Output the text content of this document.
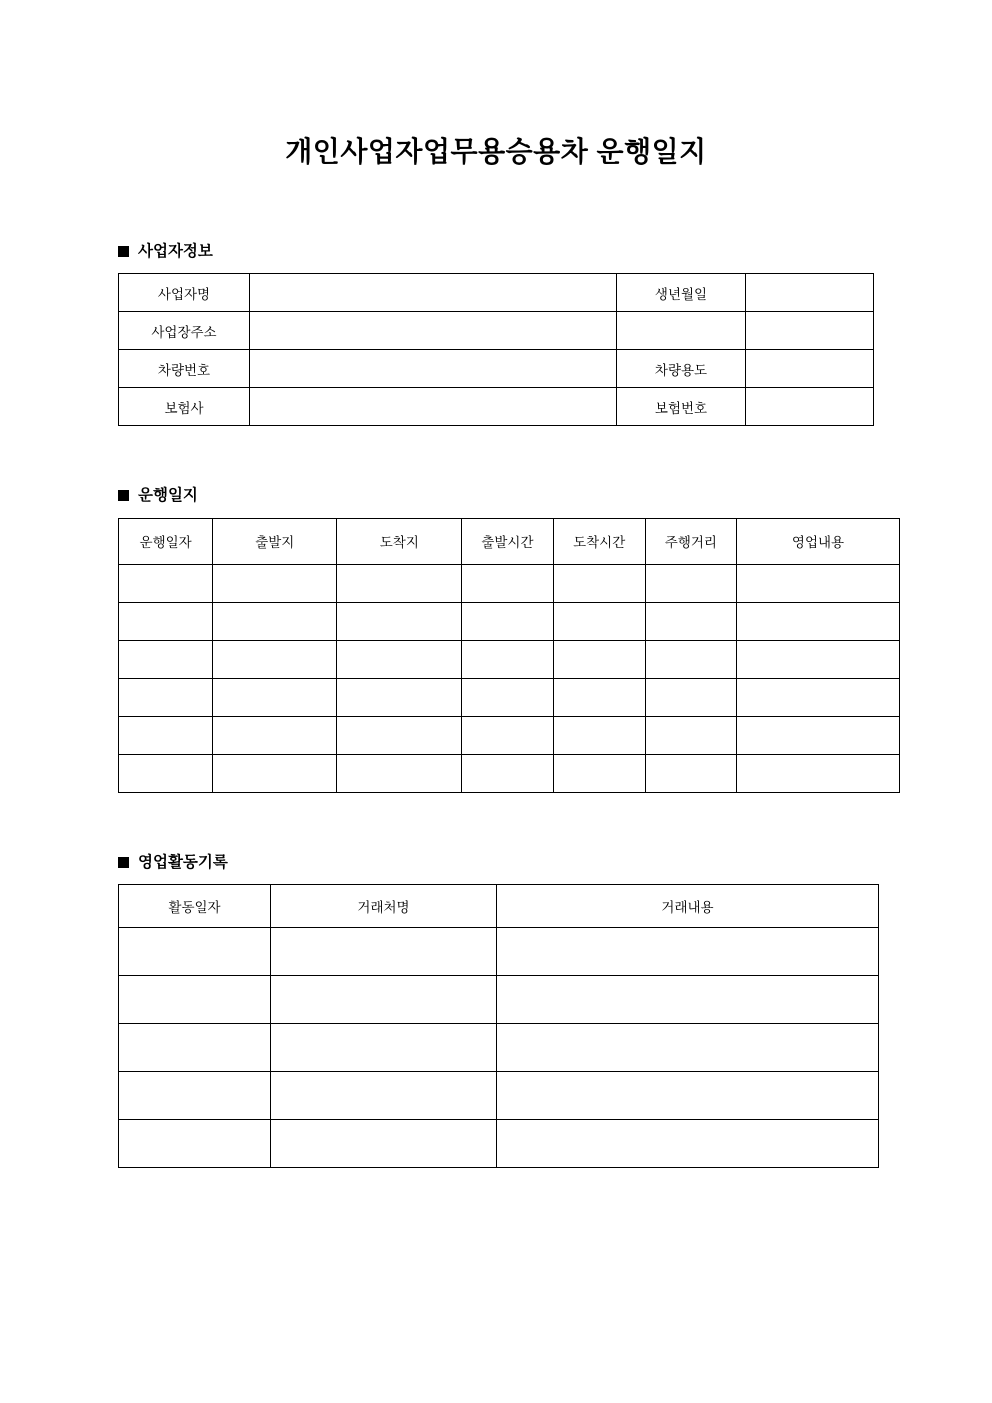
개인사업자업무용승용차 운행일지
사업자정보
사업자명		생년월일	
사업장주소			
차량번호		차량용도	
보험사		보험번호	
운행일지
운행일자	출발지	도착지	출발시간	도착시간	주행거리	영업내용

영업활동기록
활동일자	거래처명	거래내용
